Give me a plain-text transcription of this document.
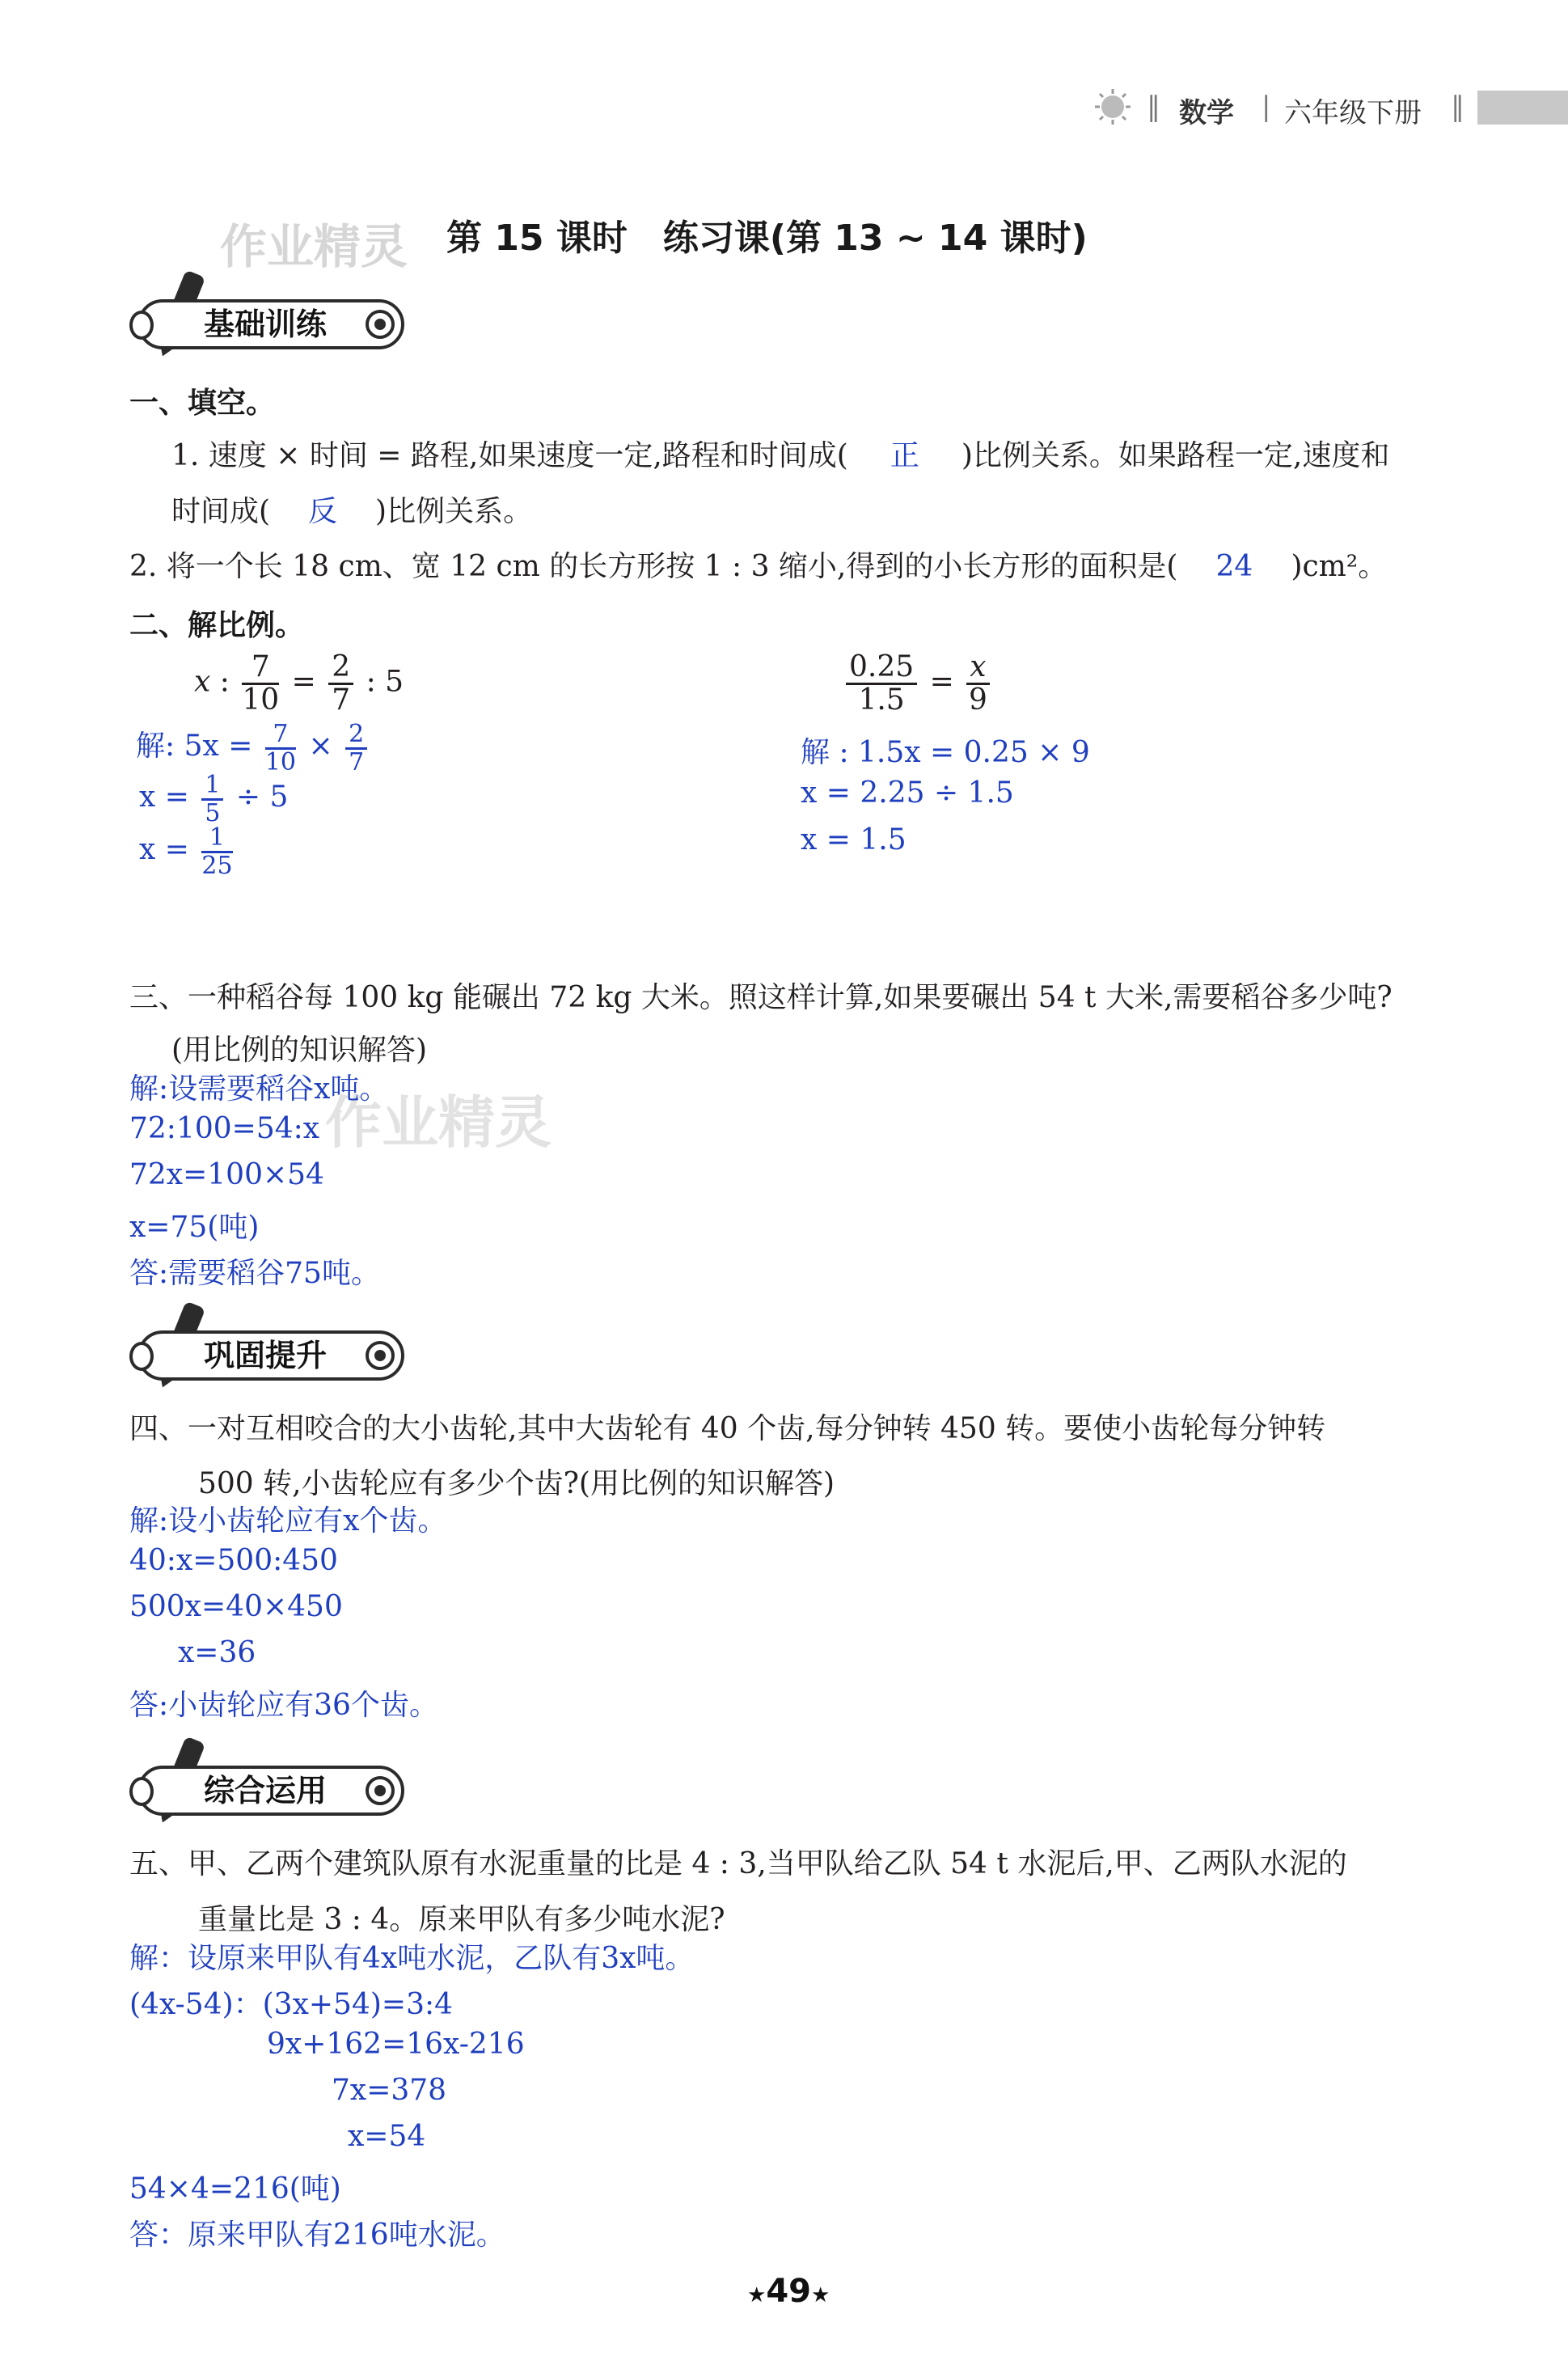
‖ 数学 | 六年级下册 ‖
作业精灵 第 15 课时　练习课(第 13 ~ 14 课时)
基础训练
一、填空。
1. 速度 × 时间 = 路程,如果速度一定,路程和时间成( 正 )比例关系。如果路程一定,速度和
时间成( 反 )比例关系。
2. 将一个长 18 cm、宽 12 cm 的长方形按 1 : 3 缩小,得到的小长方形的面积是( 24 )cm²。
二、解比例。
x : $\frac{7}{10} = \frac{2}{7}$ : 5
解: $5x = \frac{7}{10} \times \frac{2}{7}$
$x = \frac{1}{5} \div 5$
$x = \frac{1}{25}$
$\frac{0.25}{1.5} = \frac{x}{9}$
解 : 1.5x = 0.25 × 9
x = 2.25 ÷ 1.5
x = 1.5
三、一种稻谷每 100 kg 能碾出 72 kg 大米。照这样计算,如果要碾出 54 t 大米,需要稻谷多少吨?
(用比例的知识解答)
作业精灵
解:设需要稻谷x吨。
72:100=54:x
72x=100×54
x=75(吨)
答:需要稻谷75吨。
巩固提升
四、一对互相咬合的大小齿轮,其中大齿轮有 40 个齿,每分钟转 450 转。要使小齿轮每分钟转
500 转,小齿轮应有多少个齿?(用比例的知识解答)
解:设小齿轮应有x个齿。
40:x=500:450
500x=40×450
x=36
答:小齿轮应有36个齿。
综合运用
五、甲、乙两个建筑队原有水泥重量的比是 4 : 3,当甲队给乙队 54 t 水泥后,甲、乙两队水泥的
重量比是 3 : 4。原来甲队有多少吨水泥?
解：设原来甲队有4x吨水泥，乙队有3x吨。
(4x-54)：(3x+54)=3:4
9x+162=16x-216
7x=378
x=54
54×4=216(吨)
答：原来甲队有216吨水泥。
★49★
